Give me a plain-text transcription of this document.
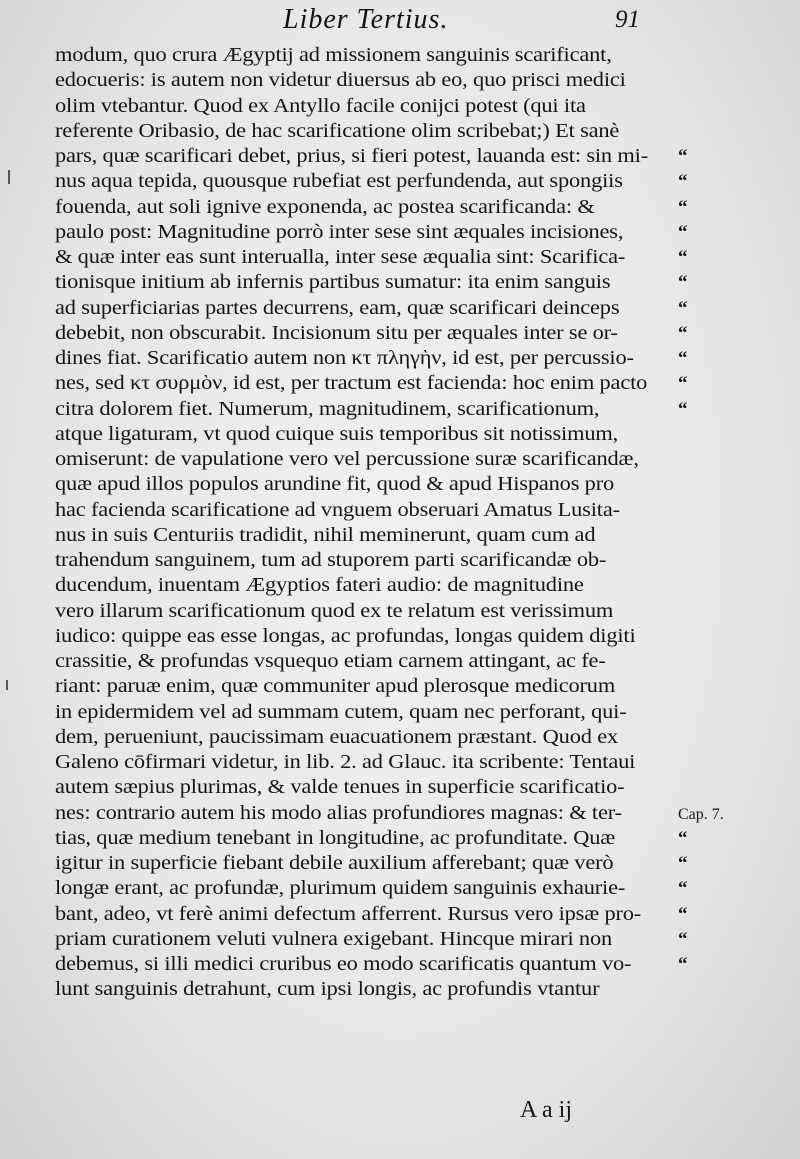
Liber Tertius.	91
modum, quo crura Ægyptij ad missionem sanguinis scarificant,
edocueris: is autem non videtur diuersus ab eo, quo prisci medici
olim vtebantur. Quod ex Antyllo facile conijci potest (qui ita
referente Oribasio, de hac scarificatione olim scribebat;) Et sanè
pars, quæ scarificari debet, prius, si fieri potest, lauanda est: sin mi-
nus aqua tepida, quousque rubefiat est perfundenda, aut spongiis
fouenda, aut soli ignive exponenda, ac postea scarificanda: &
paulo post: Magnitudine porrò inter sese sint æquales incisiones,
& quæ inter eas sunt interualla, inter sese æqualia sint: Scarifica-
tionisque initium ab infernis partibus sumatur: ita enim sanguis
ad superficiarias partes decurrens, eam, quæ scarificari deinceps
debebit, non obscurabit. Incisionum situ per æquales inter se or-
dines fiat. Scarificatio autem non κτ πληγὴν, id est, per percussio-
nes, sed κτ συρμὸν, id est, per tractum est facienda: hoc enim pacto
citra dolorem fiet. Numerum, magnitudinem, scarificationum,
atque ligaturam, vt quod cuique suis temporibus sit notissimum,
omiserunt: de vapulatione vero vel percussione suræ scarificandæ,
quæ apud illos populos arundine fit, quod & apud Hispanos pro
hac facienda scarificatione ad vnguem obseruari Amatus Lusita-
nus in suis Centuriis tradidit, nihil meminerunt, quam cum ad
trahendum sanguinem, tum ad stuporem parti scarificandæ ob-
ducendum, inuentam Ægyptios fateri audio: de magnitudine
vero illarum scarificationum quod ex te relatum est verissimum
iudico: quippe eas esse longas, ac profundas, longas quidem digiti
crassitie, & profundas vsquequo etiam carnem attingant, ac fe-
riant: paruæ enim, quæ communiter apud plerosque medicorum
in epidermidem vel ad summam cutem, quam nec perforant, qui-
dem, perueniunt, paucissimam euacuationem præstant. Quod ex
Galeno cōfirmari videtur, in lib. 2. ad Glauc. ita scribente: Tentaui
autem sæpius plurimas, & valde tenues in superficie scarificatio-
nes: contrario autem his modo alias profundiores magnas: & ter-
tias, quæ medium tenebant in longitudine, ac profunditate. Quæ
igitur in superficie fiebant debile auxilium afferebant; quæ verò
longæ erant, ac profundæ, plurimum quidem sanguinis exhaurie-
bant, adeo, vt ferè animi defectum afferrent. Rursus vero ipsæ pro-
priam curationem veluti vulnera exigebant. Hincque mirari non
debemus, si illi medici cruribus eo modo scarificatis quantum vo-
lunt sanguinis detrahunt, cum ipsi longis, ac profundis vtantur
“
“
“
“
“
“
“
“
“
“
“
Cap. 7.
“
“
“
“
“
“
A a ij
